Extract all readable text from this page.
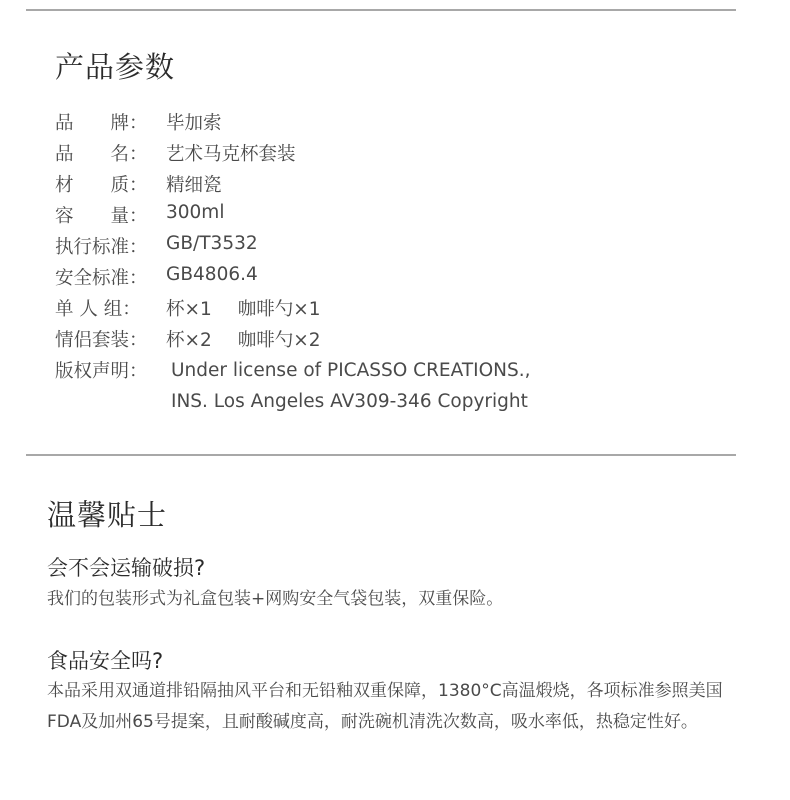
产品参数
品　　牌： 毕加索
品　　名： 艺术马克杯套装
材　　质： 精细瓷
容　　量： 300ml
执行标准： GB/T3532
安全标准： GB4806.4
单 人 组：	杯×1 咖啡勺×1
情侣套装： 杯×2 咖啡勺×2
版权声明：	Under license of PICASSO CREATIONS.,
INS. Los Angeles AV309-346 Copyright
温馨贴士
会不会运输破损?
我们的包装形式为礼盒包装+网购安全气袋包装，双重保险。
食品安全吗?
本品采用双通道排铅隔抽风平台和无铅釉双重保障，1380°C高温煅烧，各项标准参照美国FDA及加州65号提案，且耐酸碱度高，耐洗碗机清洗次数高，吸水率低，热稳定性好。
